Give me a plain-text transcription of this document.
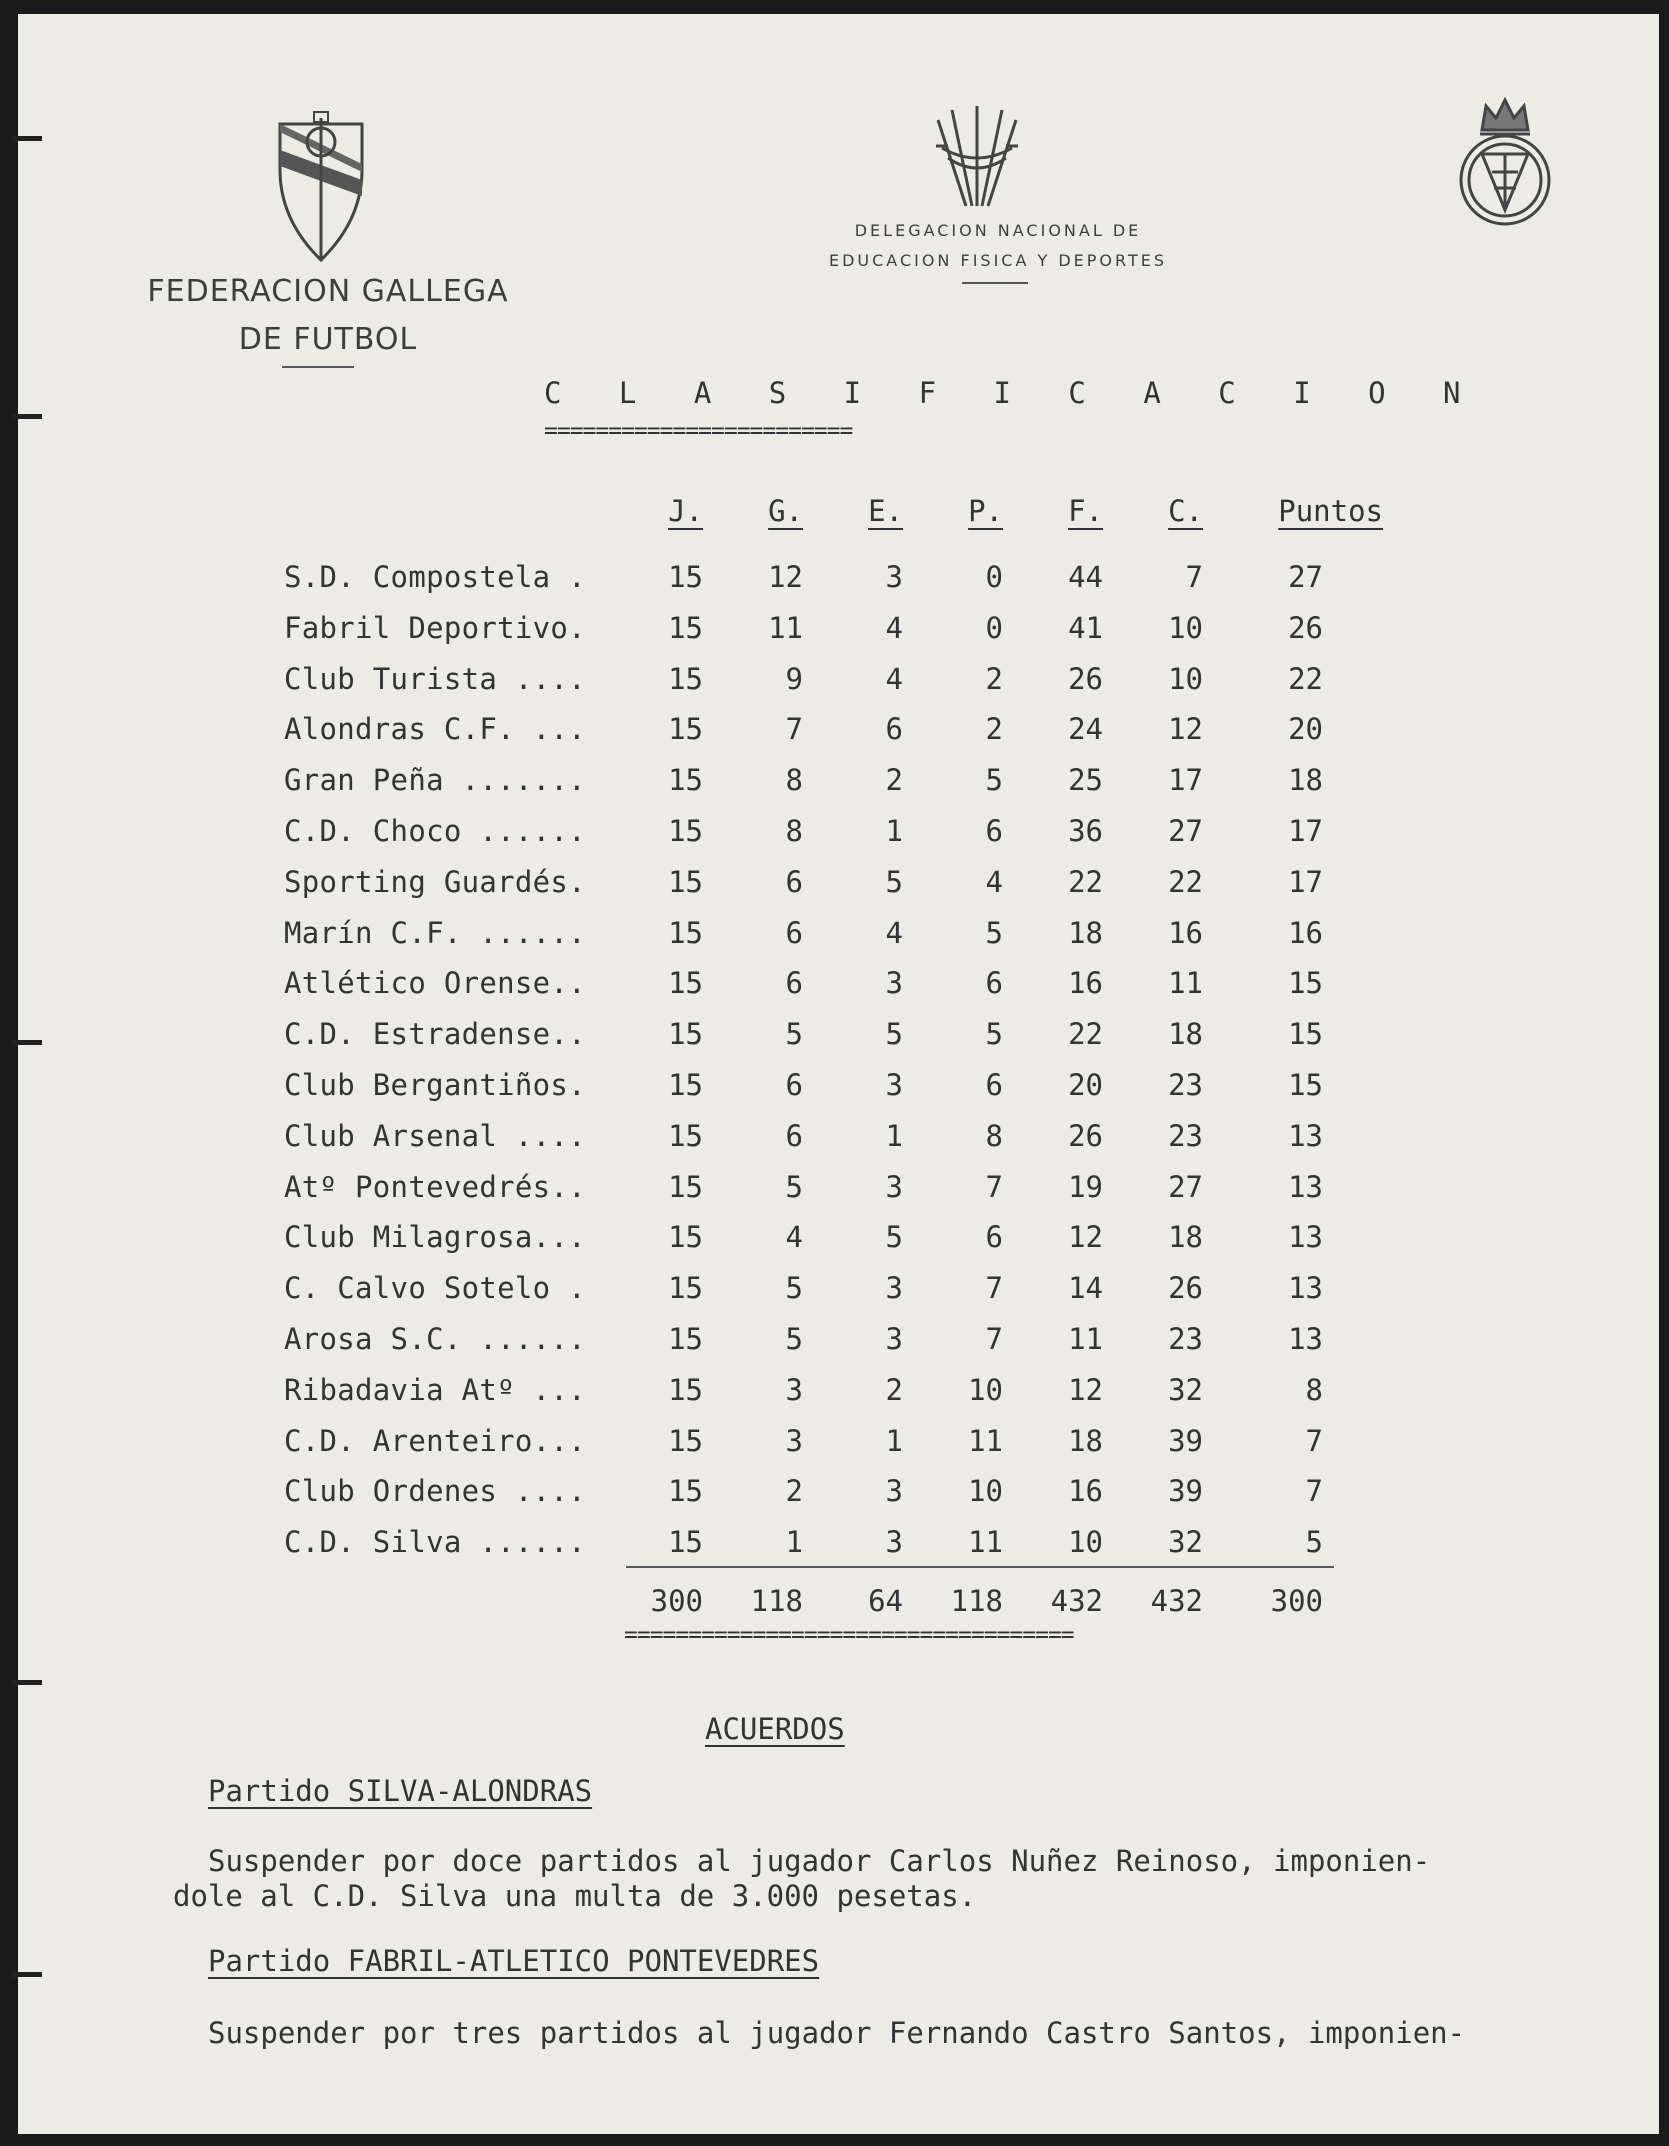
FEDERACION GALLEGA
DE FUTBOL
DELEGACION NACIONAL DE
EDUCACION FISICA Y DEPORTES
C L A S I F I C A C I O N
========================
J.	G.	E.	P.	F.	C.	Puntos
S.D. Compostela .	15	12	3	0	44	7	27
Fabril Deportivo.	15	11	4	0	41	10	26
Club Turista ....	15	9	4	2	26	10	22
Alondras C.F. ...	15	7	6	2	24	12	20
Gran Peña .......	15	8	2	5	25	17	18
C.D. Choco ......	15	8	1	6	36	27	17
Sporting Guardés.	15	6	5	4	22	22	17
Marín C.F. ......	15	6	4	5	18	16	16
Atlético Orense..	15	6	3	6	16	11	15
C.D. Estradense..	15	5	5	5	22	18	15
Club Bergantiños.	15	6	3	6	20	23	15
Club Arsenal ....	15	6	1	8	26	23	13
Atº Pontevedrés..	15	5	3	7	19	27	13
Club Milagrosa...	15	4	5	6	12	18	13
C. Calvo Sotelo .	15	5	3	7	14	26	13
Arosa S.C. ......	15	5	3	7	11	23	13
Ribadavia Atº ...	15	3	2	10	12	32	8
C.D. Arenteiro...	15	3	1	11	18	39	7
Club Ordenes ....	15	2	3	10	16	39	7
C.D. Silva ......	15	1	3	11	10	32	5
300	118	64	118	432	432	300
===================================
ACUERDOS
Partido SILVA-ALONDRAS
Suspender por doce partidos al jugador Carlos Nuñez Reinoso, imponien-
dole al C.D. Silva una multa de 3.000 pesetas.
Partido FABRIL-ATLETICO PONTEVEDRES
Suspender por tres partidos al jugador Fernando Castro Santos, imponien-
